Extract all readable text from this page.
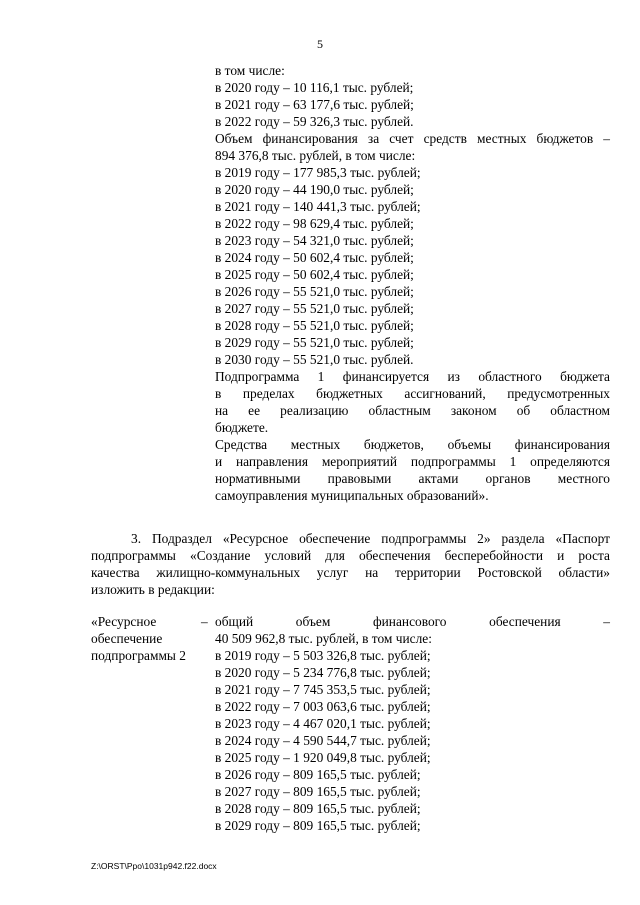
5
в том числе:
в 2020 году – 10 116,1 тыс. рублей;
в 2021 году – 63 177,6 тыс. рублей;
в 2022 году – 59 326,3 тыс. рублей.
Объем финансирования за счет средств местных бюджетов –
894 376,8 тыс. рублей, в том числе:
в 2019 году – 177 985,3 тыс. рублей;
в 2020 году – 44 190,0 тыс. рублей;
в 2021 году – 140 441,3 тыс. рублей;
в 2022 году – 98 629,4 тыс. рублей;
в 2023 году – 54 321,0 тыс. рублей;
в 2024 году – 50 602,4 тыс. рублей;
в 2025 году – 50 602,4 тыс. рублей;
в 2026 году – 55 521,0 тыс. рублей;
в 2027 году – 55 521,0 тыс. рублей;
в 2028 году – 55 521,0 тыс. рублей;
в 2029 году – 55 521,0 тыс. рублей;
в 2030 году – 55 521,0 тыс. рублей.
Подпрограмма 1 финансируется из областного бюджета
в пределах бюджетных ассигнований, предусмотренных
на ее реализацию областным законом об областном
бюджете.
Средства местных бюджетов, объемы финансирования
и направления мероприятий подпрограммы 1 определяются
нормативными правовыми актами органов местного
самоуправления муниципальных образований».
3. Подраздел «Ресурсное обеспечение подпрограммы 2» раздела «Паспорт
подпрограммы «Создание условий для обеспечения бесперебойности и роста
качества жилищно-коммунальных услуг на территории Ростовской области»
изложить в редакции:
«Ресурсное
обеспечение
подпрограммы 2
– общий объем финансового обеспечения –
40 509 962,8 тыс. рублей, в том числе:
в 2019 году – 5 503 326,8 тыс. рублей;
в 2020 году – 5 234 776,8 тыс. рублей;
в 2021 году – 7 745 353,5 тыс. рублей;
в 2022 году – 7 003 063,6 тыс. рублей;
в 2023 году – 4 467 020,1 тыс. рублей;
в 2024 году – 4 590 544,7 тыс. рублей;
в 2025 году – 1 920 049,8 тыс. рублей;
в 2026 году – 809 165,5 тыс. рублей;
в 2027 году – 809 165,5 тыс. рублей;
в 2028 году – 809 165,5 тыс. рублей;
в 2029 году – 809 165,5 тыс. рублей;
Z:\ORST\Ppo\1031p942.f22.docx
